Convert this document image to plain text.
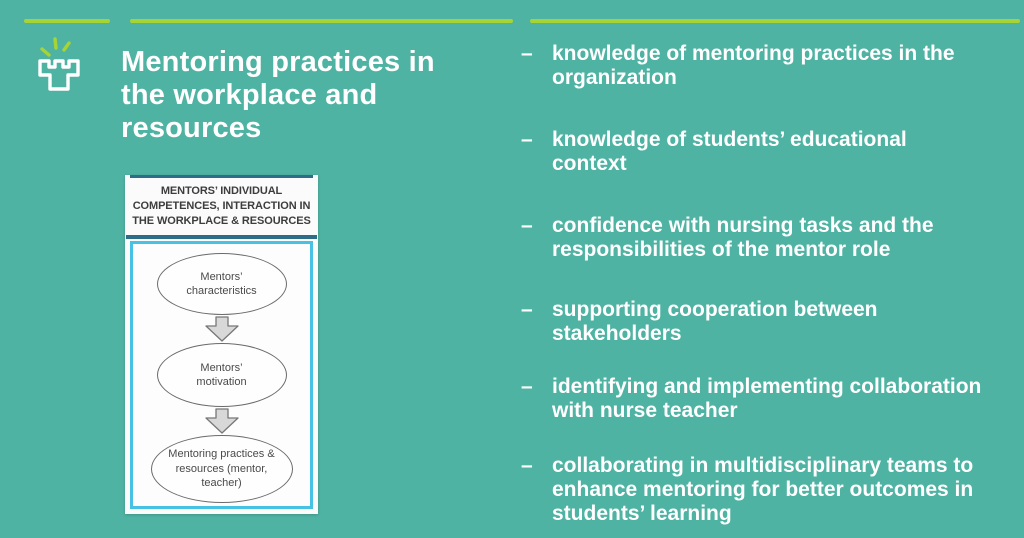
Mentoring practices in
the workplace and
resources
MENTORS’ INDIVIDUAL
COMPETENCES, INTERACTION IN
THE WORKPLACE & RESOURCES
Mentors’
characteristics
Mentors’
motivation
Mentoring practices &
resources (mentor,
teacher)
– knowledge of mentoring practices in the
organization
– knowledge of students’ educational
context
– confidence with nursing tasks and the
responsibilities of the mentor role
– supporting cooperation between
stakeholders
– identifying and implementing collaboration
with nurse teacher
– collaborating in multidisciplinary teams to
enhance mentoring for better outcomes in
students’ learning
